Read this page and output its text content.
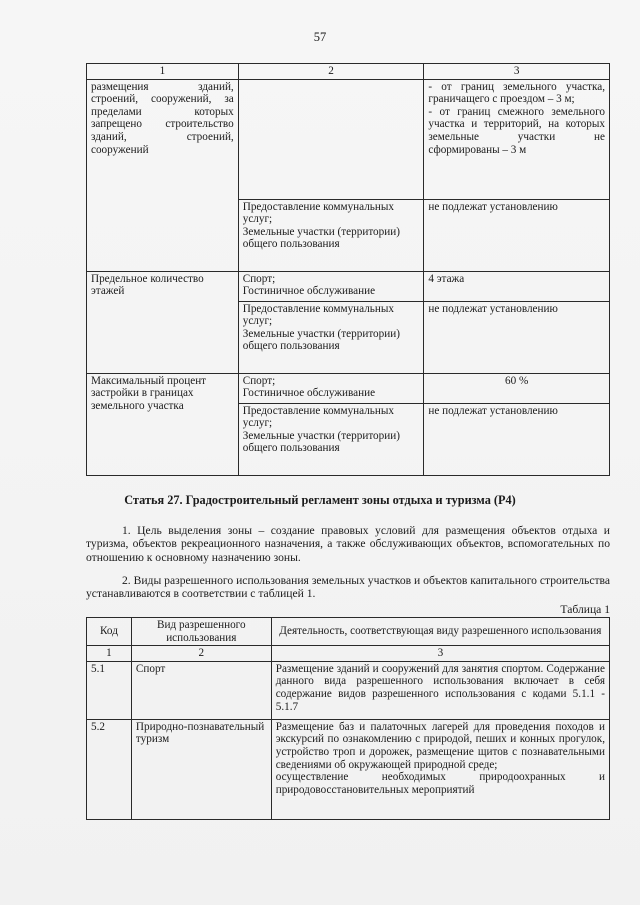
57
1	2	3
размещения зданий, строений, сооружений, за пределами которых запрещено строительство зданий, строений, сооружений		- от границ земельного участка, граничащего с проездом – 3 м;
- от границ смежного земельного участка и территорий, на которых земельные участки не сформированы – 3 м
	Предоставление коммунальных услуг;
Земельные участки (территории) общего пользования	не подлежат установлению
Предельное количество этажей	Спорт;
Гостиничное обслуживание	4 этажа
	Предоставление коммунальных услуг;
Земельные участки (территории) общего пользования	не подлежат установлению
Максимальный процент застройки в границах земельного участка	Спорт;
Гостиничное обслуживание	60 %
	Предоставление коммунальных услуг;
Земельные участки (территории) общего пользования	не подлежат установлению
Статья 27. Градостроительный регламент зоны отдыха и туризма (Р4)
1. Цель выделения зоны – создание правовых условий для размещения объектов отдыха и туризма, объектов рекреационного назначения, а также обслуживающих объектов, вспомогательных по отношению к основному назначению зоны.
2. Виды разрешенного использования земельных участков и объектов капитального строительства устанавливаются в соответствии с таблицей 1.
Таблица 1
Код	Вид разрешенного использования	Деятельность, соответствующая виду разрешенного использования
1	2	3
5.1	Спорт	Размещение зданий и сооружений для занятия спортом. Содержание данного вида разрешенного использования включает в себя содержание видов разрешенного использования с кодами 5.1.1 - 5.1.7
5.2	Природно-познавательный туризм	Размещение баз и палаточных лагерей для проведения походов и экскурсий по ознакомлению с природой, пеших и конных прогулок, устройство троп и дорожек, размещение щитов с познавательными сведениями об окружающей природной среде;
осуществление необходимых природоохранных и природовосстановительных мероприятий
